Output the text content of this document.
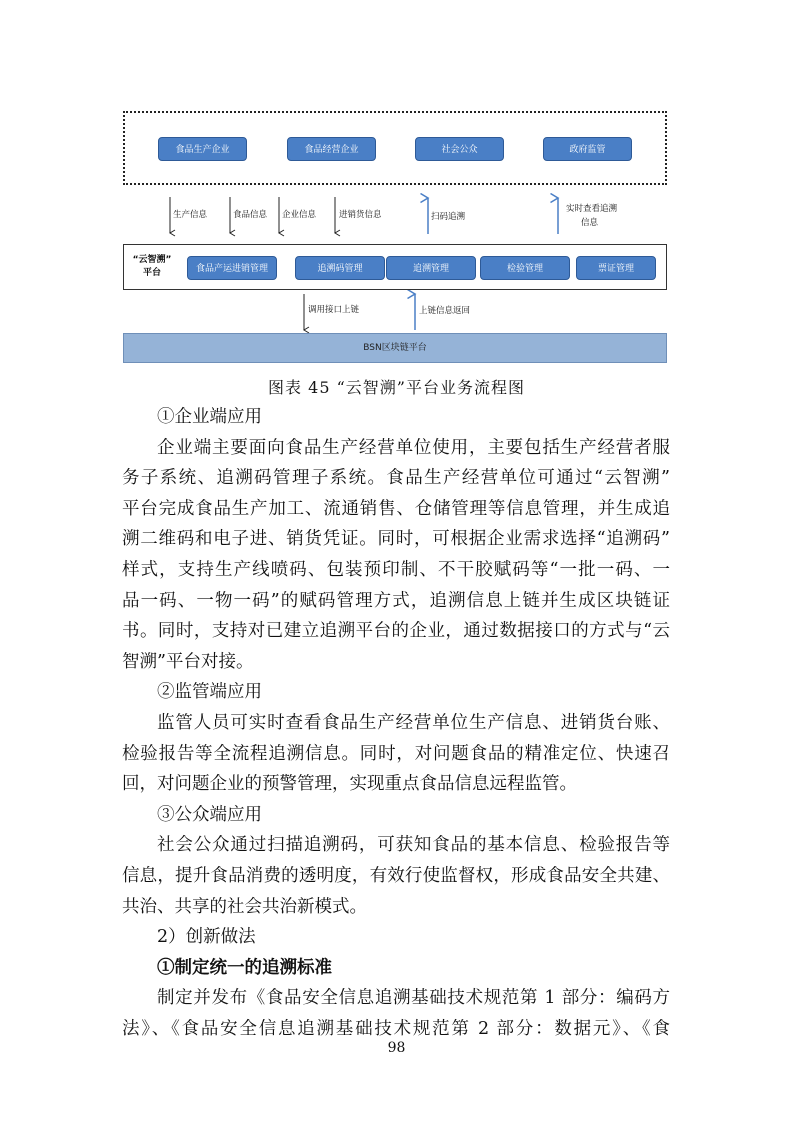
食品生产企业	食品经营企业	社会公众	政府监管
生产信息	食品信息 企业信息	进销货信息	扫码追溯
实时查看追溯
信息
“云智溯”
平台	食品产运进销管理	追溯码管理	追溯管理	检验管理	票证管理
调用接口上链	上链信息返回
BSN区块链平台
图表 45 “云智溯”平台业务流程图
①企业端应用
企业端主要面向食品生产经营单位使用，主要包括生产经营者服
务子系统、追溯码管理子系统。食品生产经营单位可通过“云智溯”
平台完成食品生产加工、流通销售、仓储管理等信息管理，并生成追
溯二维码和电子进、销货凭证。同时，可根据企业需求选择“追溯码”
样式，支持生产线喷码、包装预印制、不干胶赋码等“一批一码、一
品一码、一物一码”的赋码管理方式，追溯信息上链并生成区块链证
书。同时，支持对已建立追溯平台的企业，通过数据接口的方式与“云
智溯”平台对接。
②监管端应用
监管人员可实时查看食品生产经营单位生产信息、进销货台账、
检验报告等全流程追溯信息。同时，对问题食品的精准定位、快速召
回，对问题企业的预警管理，实现重点食品信息远程监管。
③公众端应用
社会公众通过扫描追溯码，可获知食品的基本信息、检验报告等
信息，提升食品消费的透明度，有效行使监督权，形成食品安全共建、
共治、共享的社会共治新模式。
2）创新做法
①制定统一的追溯标准
制定并发布《食品安全信息追溯基础技术规范第 1 部分：编码方
法》、《食品安全信息追溯基础技术规范第 2 部分：数据元》、《食
98
